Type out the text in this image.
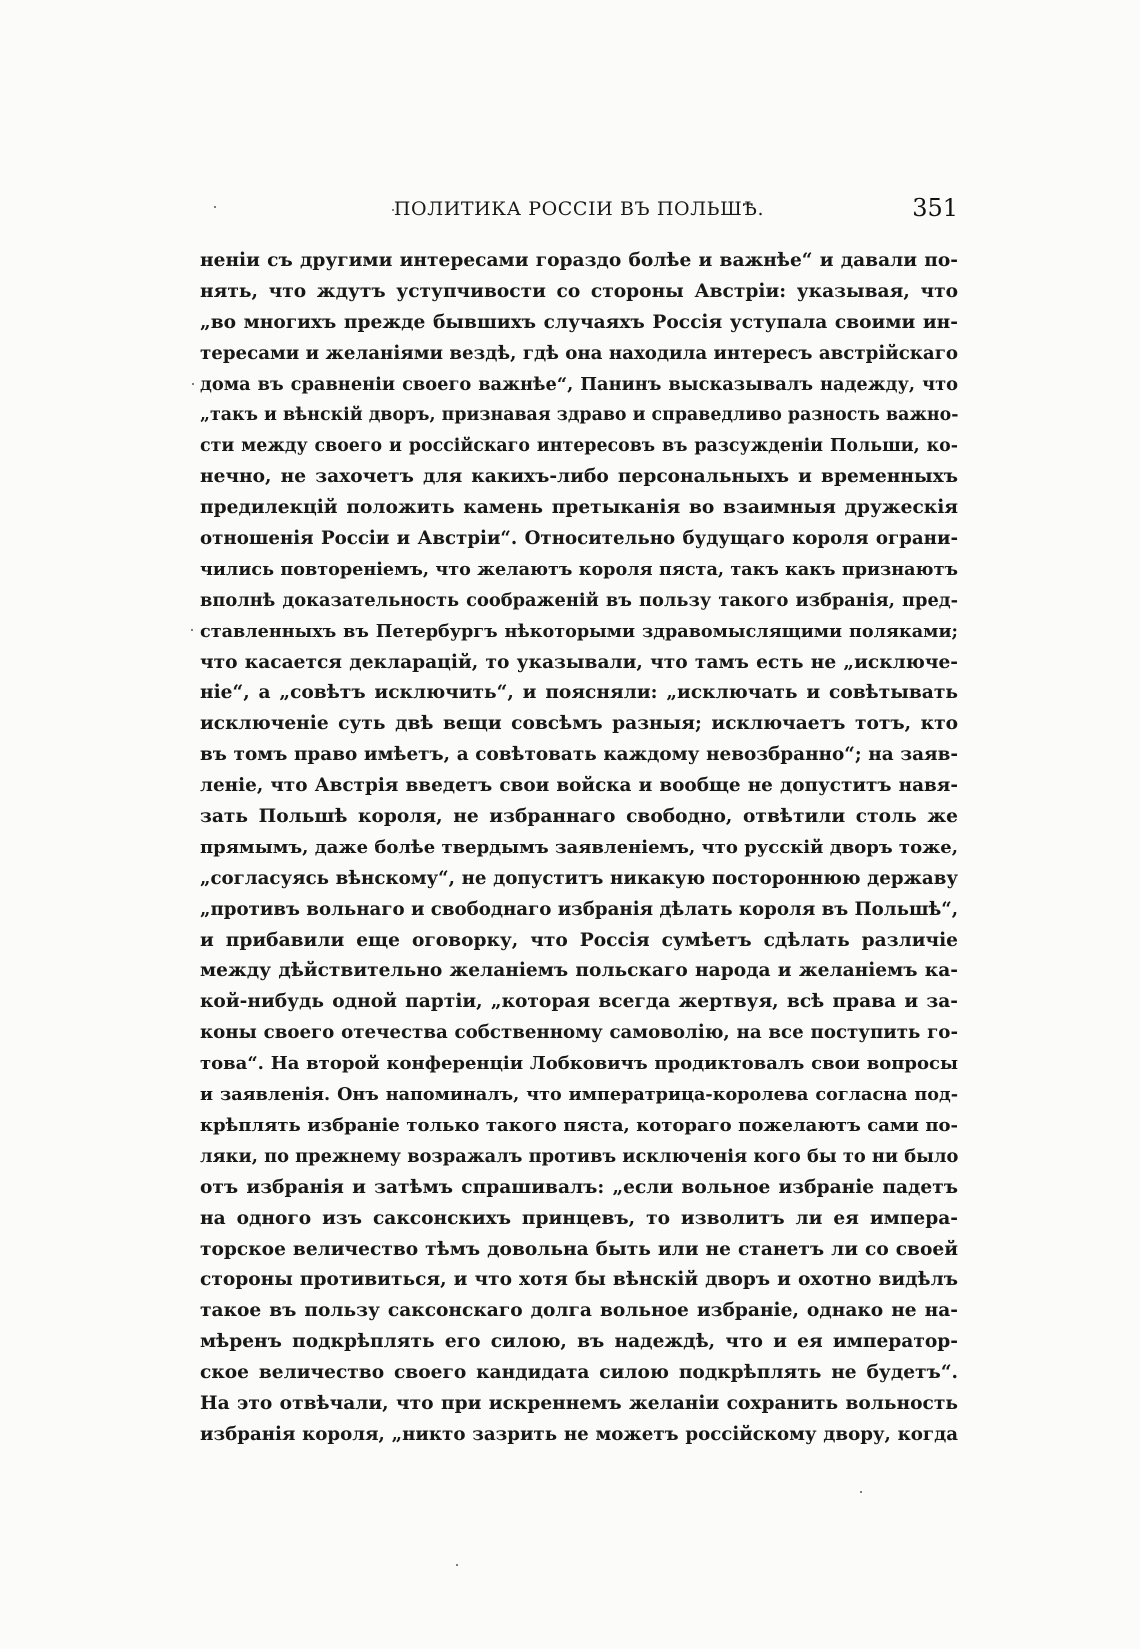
ПОЛИТИКА РОССІИ ВЪ ПОЛЬШѢ.	351
неніи съ другими интересами гораздо болѣе и важнѣе“ и давали по-
нять, что ждутъ уступчивости со стороны Австріи: указывая, что
„во многихъ прежде бывшихъ случаяхъ Россія уступала своими ин-
тересами и желаніями вездѣ, гдѣ она находила интересъ австрійскаго
дома въ сравненіи своего важнѣе“, Панинъ высказывалъ надежду, что
„такъ и вѣнскій дворъ, признавая здраво и справедливо разность важно-
сти между своего и россійскаго интересовъ въ разсужденіи Польши, ко-
нечно, не захочетъ для какихъ-либо персональныхъ и временныхъ
предилекцій положить камень претыканія во взаимныя дружескія
отношенія Россіи и Австріи“. Относительно будущаго короля ограни-
чились повтореніемъ, что желаютъ короля пяста, такъ какъ признаютъ
вполнѣ доказательность соображеній въ пользу такого избранія, пред-
ставленныхъ въ Петербургъ нѣкоторыми здравомыслящими поляками;
что касается декларацій, то указывали, что тамъ есть не „исключе-
ніе“, а „совѣтъ исключить“, и поясняли: „исключать и совѣтывать
исключеніе суть двѣ вещи совсѣмъ разныя; исключаетъ тотъ, кто
въ томъ право имѣетъ, а совѣтовать каждому невозбранно“; на заяв-
леніе, что Австрія введетъ свои войска и вообще не допуститъ навя-
зать Польшѣ короля, не избраннаго свободно, отвѣтили столь же
прямымъ, даже болѣе твердымъ заявленіемъ, что русскій дворъ тоже,
„согласуясь вѣнскому“, не допуститъ никакую постороннюю державу
„противъ вольнаго и свободнаго избранія дѣлать короля въ Польшѣ“,
и прибавили еще оговорку, что Россія сумѣетъ сдѣлать различіе
между дѣйствительно желаніемъ польскаго народа и желаніемъ ка-
кой-нибудь одной партіи, „которая всегда жертвуя, всѣ права и за-
коны своего отечества собственному самоволію, на все поступить го-
това“. На второй конференціи Лобковичъ продиктовалъ свои вопросы
и заявленія. Онъ напоминалъ, что императрица-королева согласна под-
крѣплять избраніе только такого пяста, котораго пожелаютъ сами по-
ляки, по прежнему возражалъ противъ исключенія кого бы то ни было
отъ избранія и затѣмъ спрашивалъ: „если вольное избраніе падетъ
на одного изъ саксонскихъ принцевъ, то изволитъ ли ея импера-
торское величество тѣмъ довольна быть или не станетъ ли со своей
стороны противиться, и что хотя бы вѣнскій дворъ и охотно видѣлъ
такое въ пользу саксонскаго долга вольное избраніе, однако не на-
мѣренъ подкрѣплять его силою, въ надеждѣ, что и ея император-
ское величество своего кандидата силою подкрѣплять не будетъ“.
На это отвѣчали, что при искреннемъ желаніи сохранить вольность
избранія короля, „никто зазрить не можетъ россійскому двору, когда
